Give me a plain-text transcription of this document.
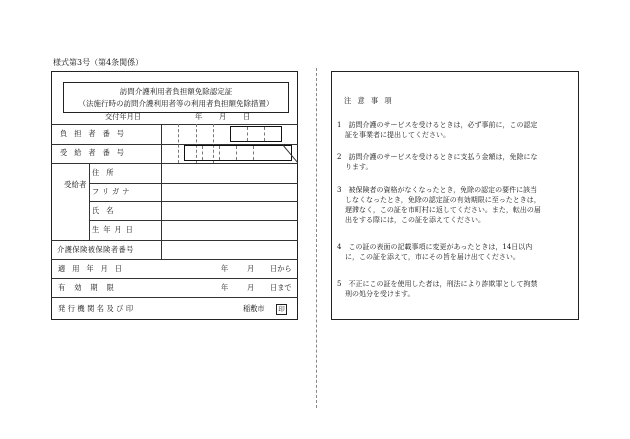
様式第3号（第4条関係）
訪問介護利用者負担額免除認定証
（法施行時の訪問介護利用者等の利用者負担額免除措置）
交付年月日	年 月 日
負担者番号
受給者番号
受給者
住所
フリガナ
氏名
生年月日
介護保険被保険者番号
適用年月日	年	月 日から
有効期限	年	月 日まで
発行機関名及び印	稲敷市	印
注 意 事 項
1　訪問介護のサービスを受けるときは，必ず事前に，この認定
証を事業者に提出してください。
2　訪問介護のサービスを受けるときに支払う金額は，免除にな
ります。
3　被保険者の資格がなくなったとき，免除の認定の要件に該当
しなくなったとき，免除の認定証の有効期限に至ったときは，
遅滞なく，この証を市町村に返してください。また，転出の届
出をする際には，この証を添えてください。
4　この証の表面の記載事項に変更があったときは，14日以内
に，この証を添えて，市にその旨を届け出てください。
5　不正にこの証を使用した者は，刑法により詐欺罪として拘禁
刑の処分を受けます。
